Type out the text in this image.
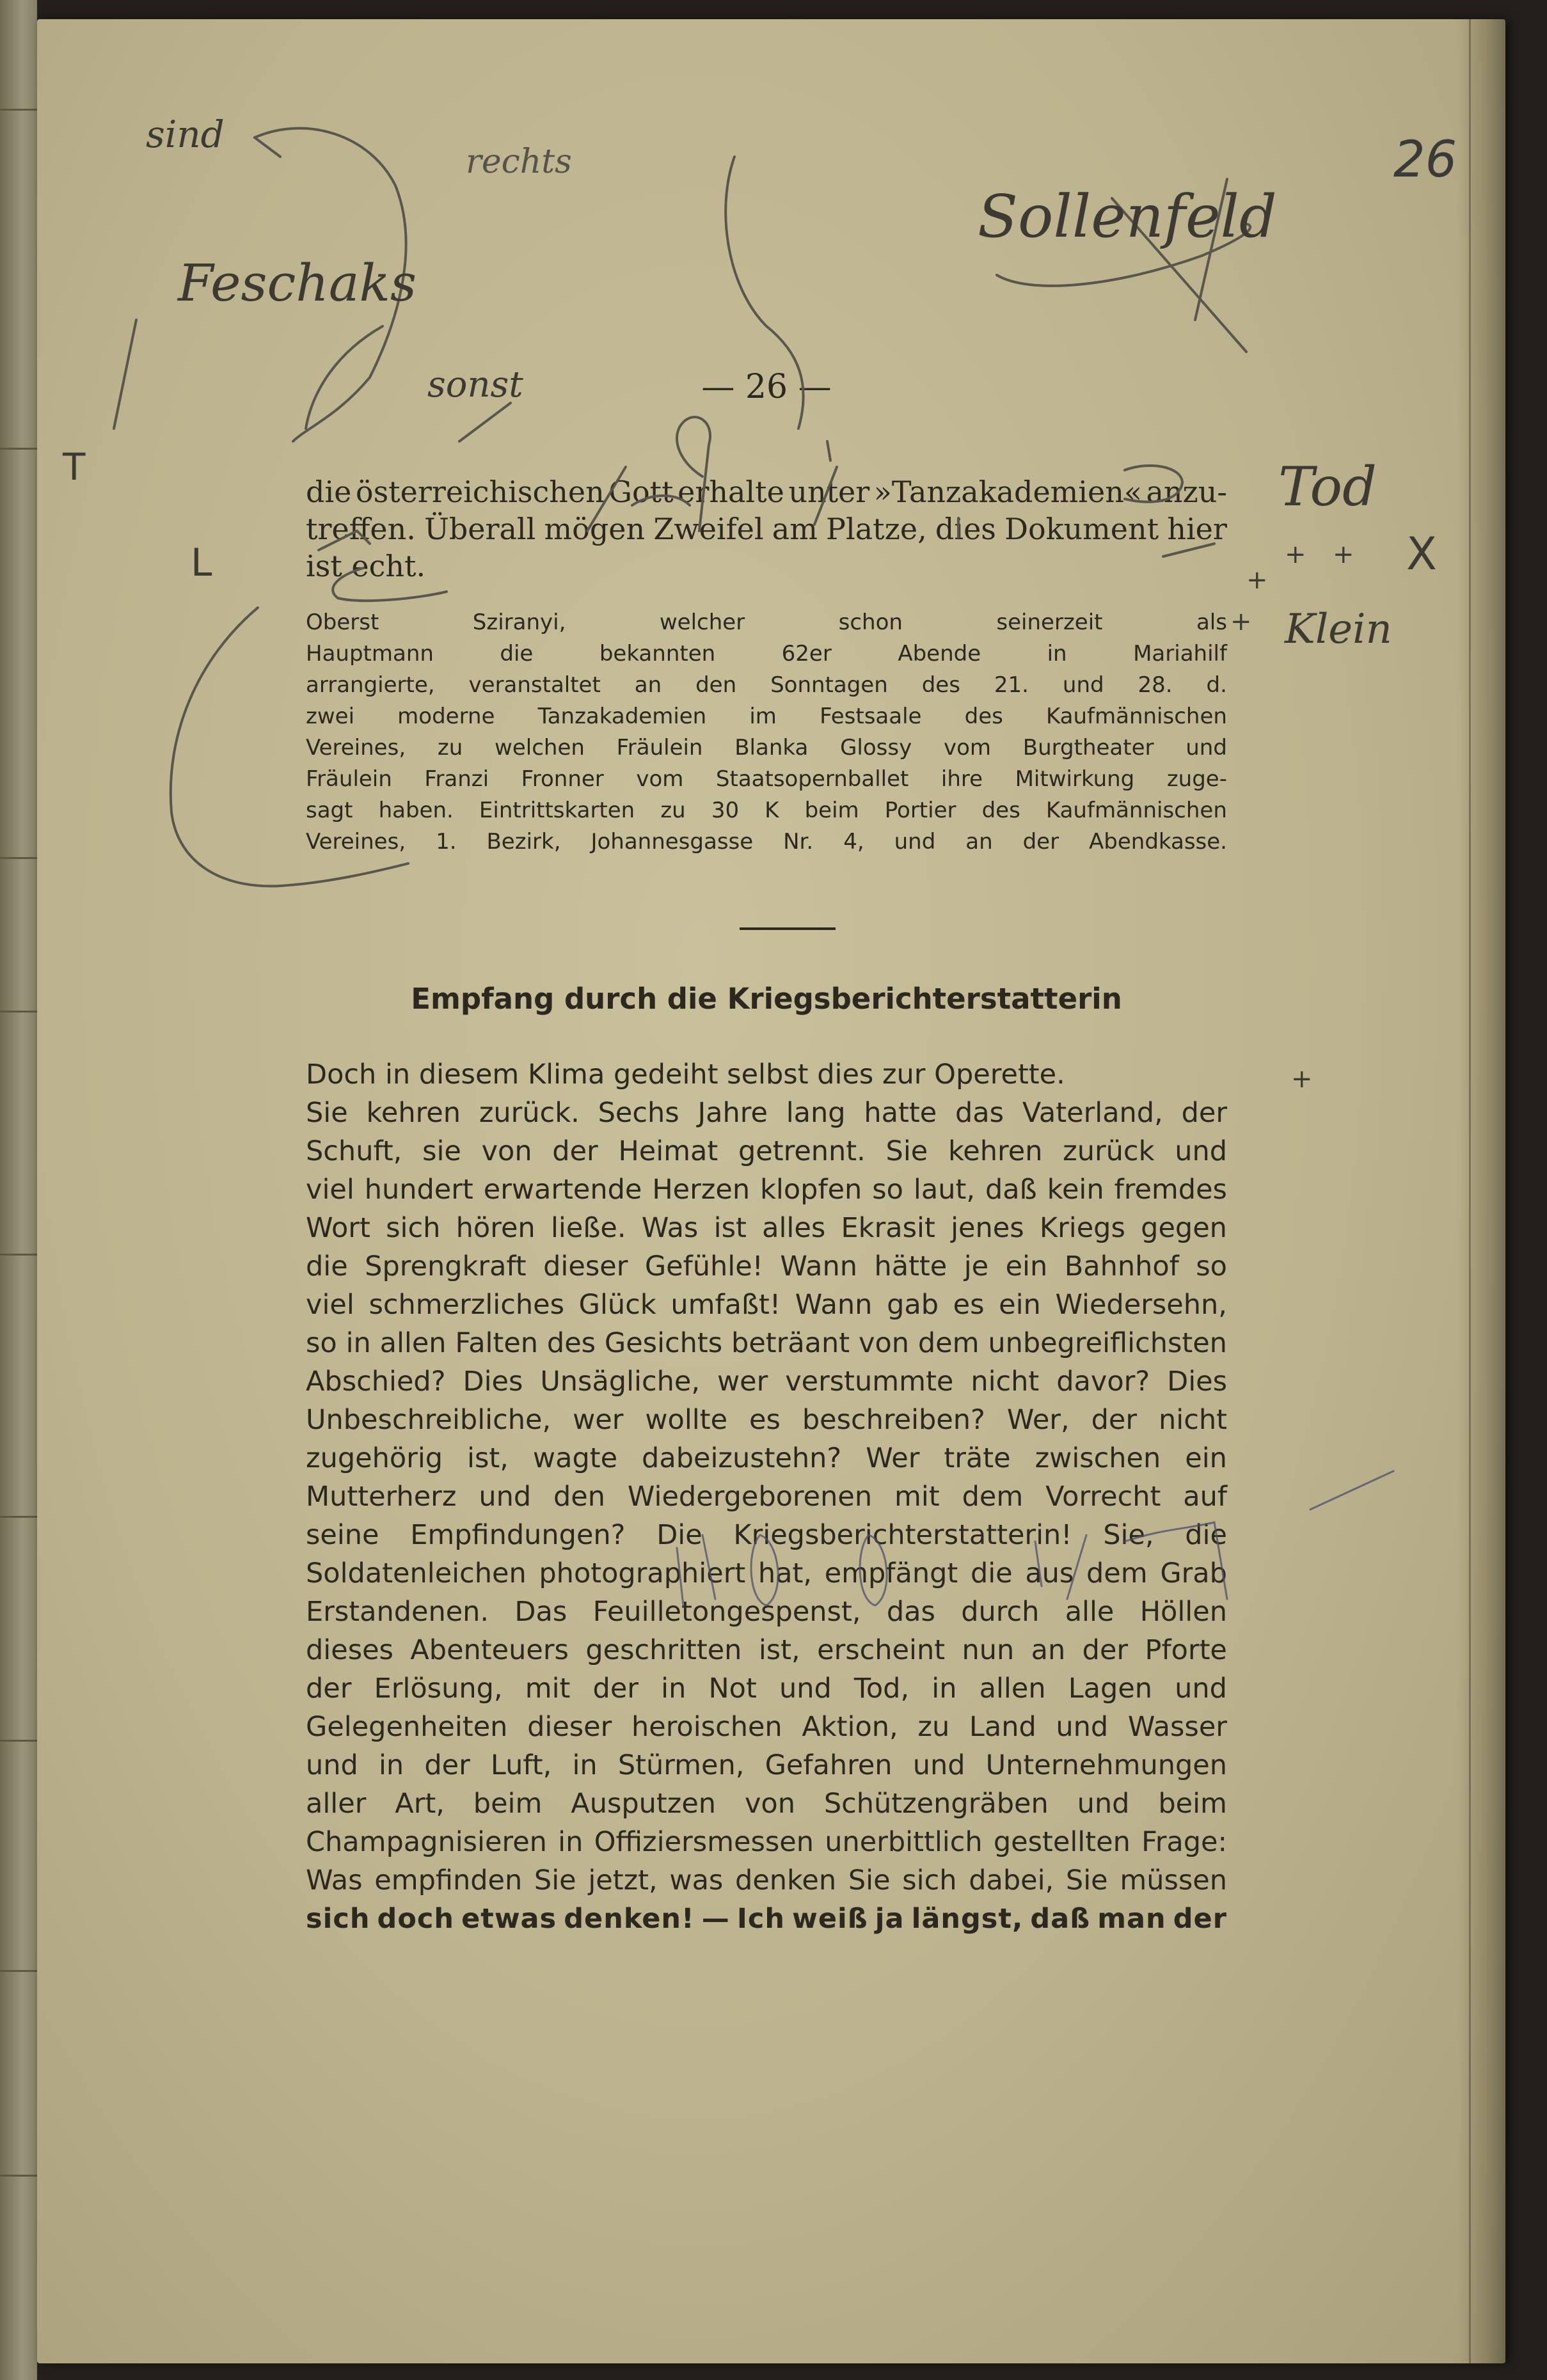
26
— 26 —
die österreichischen Gott erhalte unter »Tanzakademien« anzu-
treffen. Überall mögen Zweifel am Platze, dies Dokument hier
ist echt.
Oberst	Sziranyi,	welcher	schon	seinerzeit	als
Hauptmann	die	bekannten	62er	Abende	in	Mariahilf
arrangierte, veranstaltet an den Sonntagen des 21. und 28. d.
zwei moderne Tanzakademien im Festsaale des Kaufmännischen
Vereines, zu welchen Fräulein Blanka Glossy vom Burgtheater und
Fräulein Franzi Fronner vom Staatsopernballet ihre Mitwirkung zuge-
sagt haben. Eintrittskarten zu 30 K beim Portier des Kaufmännischen
Vereines, 1. Bezirk, Johannesgasse Nr. 4, und an der Abendkasse.
Empfang durch die Kriegsberichterstatterin
Doch in diesem Klima gedeiht selbst dies zur Operette.
Sie kehren zurück. Sechs Jahre lang hatte das Vaterland, der
Schuft, sie von der Heimat getrennt. Sie kehren zurück und
viel hundert erwartende Herzen klopfen so laut, daß kein fremdes
Wort sich hören ließe. Was ist alles Ekrasit jenes Kriegs gegen
die Sprengkraft dieser Gefühle! Wann hätte je ein Bahnhof so
viel schmerzliches Glück umfaßt! Wann gab es ein Wiedersehn,
so in allen Falten des Gesichts beträant von dem unbegreiflichsten
Abschied? Dies Unsägliche, wer verstummte nicht davor? Dies
Unbeschreibliche, wer wollte es beschreiben? Wer, der nicht
zugehörig ist, wagte dabeizustehn? Wer träte zwischen ein
Mutterherz und den Wiedergeborenen mit dem Vorrecht auf
seine Empfindungen? Die Kriegsberichterstatterin! Sie, die
Soldatenleichen photographiert hat, empfängt die aus dem Grab
Erstandenen. Das Feuilletongespenst, das durch alle Höllen
dieses Abenteuers geschritten ist, erscheint nun an der Pforte
der Erlösung, mit der in Not und Tod, in allen Lagen und
Gelegenheiten dieser heroischen Aktion, zu Land und Wasser
und in der Luft, in Stürmen, Gefahren und Unternehmungen
aller Art, beim Ausputzen von Schützengräben und beim
Champagnisieren in Offiziersmessen unerbittlich gestellten Frage:
Was empfinden Sie jetzt, was denken Sie sich dabei, Sie müssen
sich doch etwas denken! — Ich weiß ja längst, daß man der
sind
Feschaks
rechts
Sollenfeld
sonst
Tod
Klein
+ +
+
+
+
X
T
L
